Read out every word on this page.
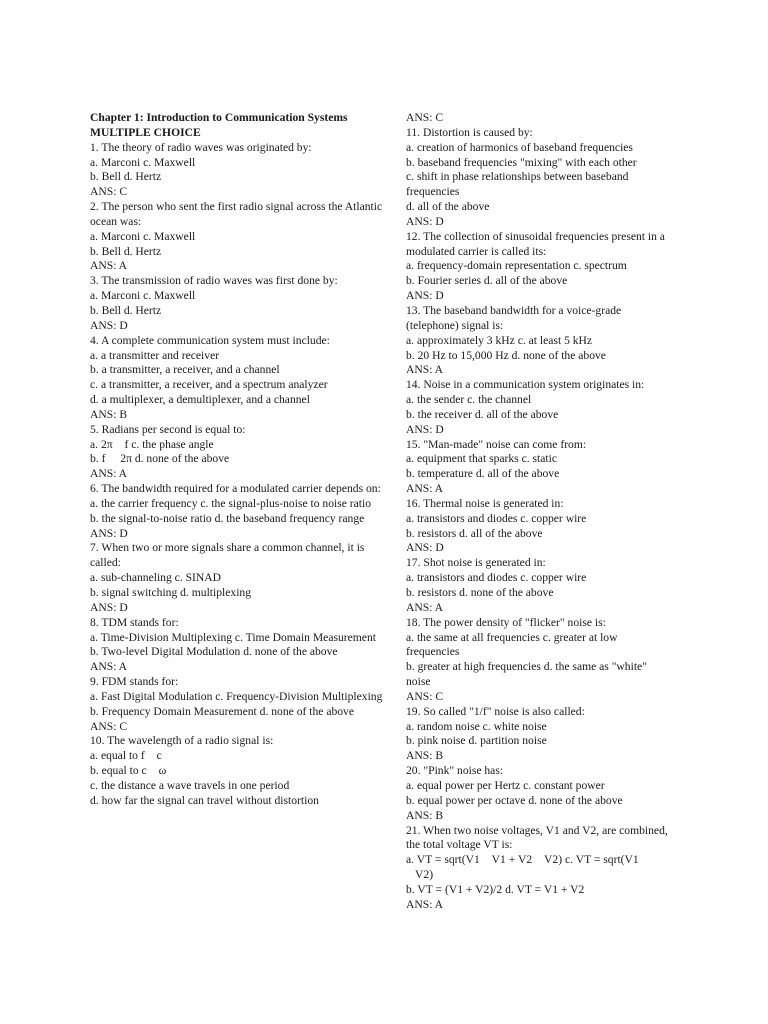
Chapter 1: Introduction to Communication Systems

MULTIPLE CHOICE

1. The theory of radio waves was originated by:

a. Marconi c. Maxwell

b. Bell d. Hertz

ANS: C

2. The person who sent the first radio signal across the Atlantic ocean was:

a. Marconi c. Maxwell

b. Bell d. Hertz

ANS: A

3. The transmission of radio waves was first done by:

a. Marconi c. Maxwell

b. Bell d. Hertz

ANS: D

4. A complete communication system must include:

a. a transmitter and receiver

b. a transmitter, a receiver, and a channel

c. a transmitter, a receiver, and a spectrum analyzer

d. a multiplexer, a demultiplexer, and a channel

ANS: B

5. Radians per second is equal to:

a. 2π f c. the phase angle

b. f 2π d. none of the above

ANS: A

6. The bandwidth required for a modulated carrier depends on:

a. the carrier frequency c. the signal-plus-noise to noise ratio

b. the signal-to-noise ratio d. the baseband frequency range

ANS: D

7. When two or more signals share a common channel, it is called:

a. sub-channeling c. SINAD

b. signal switching d. multiplexing

ANS: D

8. TDM stands for:

a. Time-Division Multiplexing c. Time Domain Measurement

b. Two-level Digital Modulation d. none of the above

ANS: A

9. FDM stands for:

a. Fast Digital Modulation c. Frequency-Division Multiplexing

b. Frequency Domain Measurement d. none of the above

ANS: C

10. The wavelength of a radio signal is:

a. equal to f c

b. equal to c ω

c. the distance a wave travels in one period

d. how far the signal can travel without distortion

ANS: C

11. Distortion is caused by:

a. creation of harmonics of baseband frequencies

b. baseband frequencies "mixing" with each other

c. shift in phase relationships between baseband frequencies

d. all of the above

ANS: D

12. The collection of sinusoidal frequencies present in a modulated carrier is called its:

a. frequency-domain representation c. spectrum

b. Fourier series d. all of the above

ANS: D

13. The baseband bandwidth for a voice-grade (telephone) signal is:

a. approximately 3 kHz c. at least 5 kHz

b. 20 Hz to 15,000 Hz d. none of the above

ANS: A

14. Noise in a communication system originates in:

a. the sender c. the channel

b. the receiver d. all of the above

ANS: D

15. "Man-made" noise can come from:

a. equipment that sparks c. static

b. temperature d. all of the above

ANS: A

16. Thermal noise is generated in:

a. transistors and diodes c. copper wire

b. resistors d. all of the above

ANS: D

17. Shot noise is generated in:

a. transistors and diodes c. copper wire

b. resistors d. none of the above

ANS: A

18. The power density of "flicker" noise is:

a. the same at all frequencies c. greater at low frequencies

b. greater at high frequencies d. the same as "white" noise

ANS: C

19. So called "1/f" noise is also called:

a. random noise c. white noise

b. pink noise d. partition noise

ANS: B

20. "Pink" noise has:

a. equal power per Hertz c. constant power

b. equal power per octave d. none of the above

ANS: B

21. When two noise voltages, V1 and V2, are combined, the total voltage VT is:

a. VT = sqrt(V1 V1 + V2 V2) c. VT = sqrt(V1 V2)

b. VT = (V1 + V2)/2 d. VT = V1 + V2

ANS: A
